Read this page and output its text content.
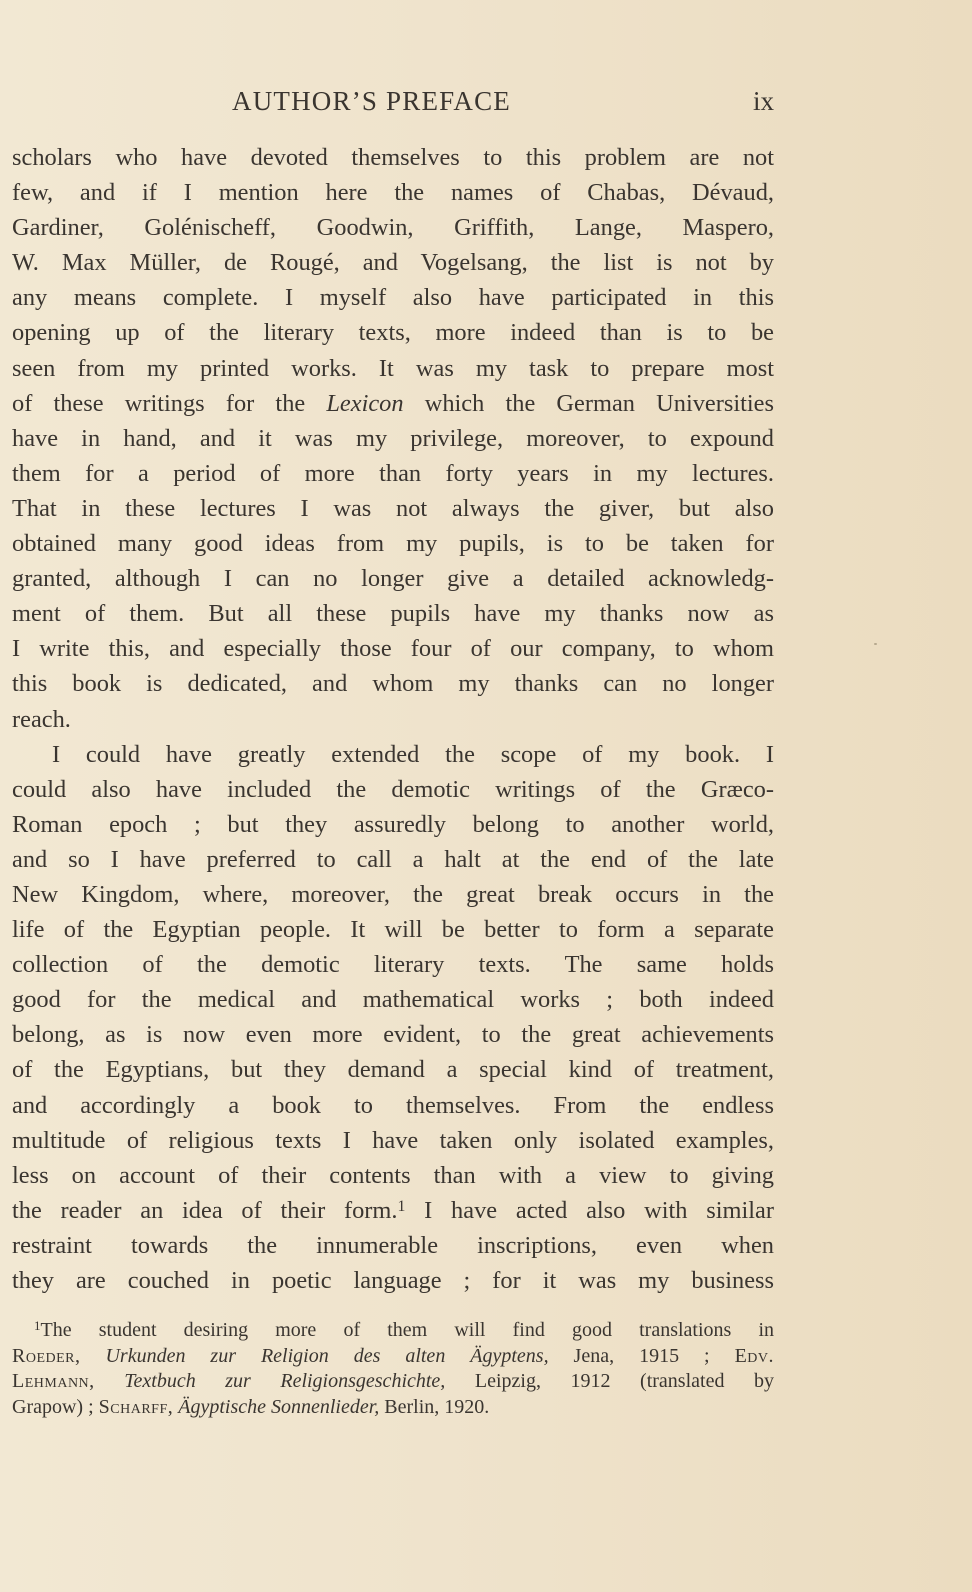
AUTHOR’S PREFACE	ix

scholars who have devoted themselves to this problem are not
few, and if I mention here the names of Chabas, Dévaud,
Gardiner, Golénischeff, Goodwin, Griffith, Lange, Maspero,
W. Max Müller, de Rougé, and Vogelsang, the list is not by
any means complete. I myself also have participated in this
opening up of the literary texts, more indeed than is to be
seen from my printed works. It was my task to prepare most
of these writings for the Lexicon which the German Universities
have in hand, and it was my privilege, moreover, to expound
them for a period of more than forty years in my lectures.
That in these lectures I was not always the giver, but also
obtained many good ideas from my pupils, is to be taken for
granted, although I can no longer give a detailed acknowledg-
ment of them. But all these pupils have my thanks now as
I write this, and especially those four of our company, to whom
this book is dedicated, and whom my thanks can no longer
reach.

I could have greatly extended the scope of my book. I
could also have included the demotic writings of the Græco-
Roman epoch ; but they assuredly belong to another world,
and so I have preferred to call a halt at the end of the late
New Kingdom, where, moreover, the great break occurs in the
life of the Egyptian people. It will be better to form a separate
collection of the demotic literary texts. The same holds
good for the medical and mathematical works ; both indeed
belong, as is now even more evident, to the great achievements
of the Egyptians, but they demand a special kind of treatment,
and accordingly a book to themselves. From the endless
multitude of religious texts I have taken only isolated examples,
less on account of their contents than with a view to giving
the reader an idea of their form.$^1$ I have acted also with similar
restraint towards the innumerable inscriptions, even when
they are couched in poetic language ; for it was my business

$^1$The student desiring more of them will find good translations in
Roeder, Urkunden zur Religion des alten Ägyptens, Jena, 1915 ; Edv.
Lehmann, Textbuch zur Religionsgeschichte, Leipzig, 1912 (translated by
Grapow) ; Scharff, Ägyptische Sonnenlieder, Berlin, 1920.
